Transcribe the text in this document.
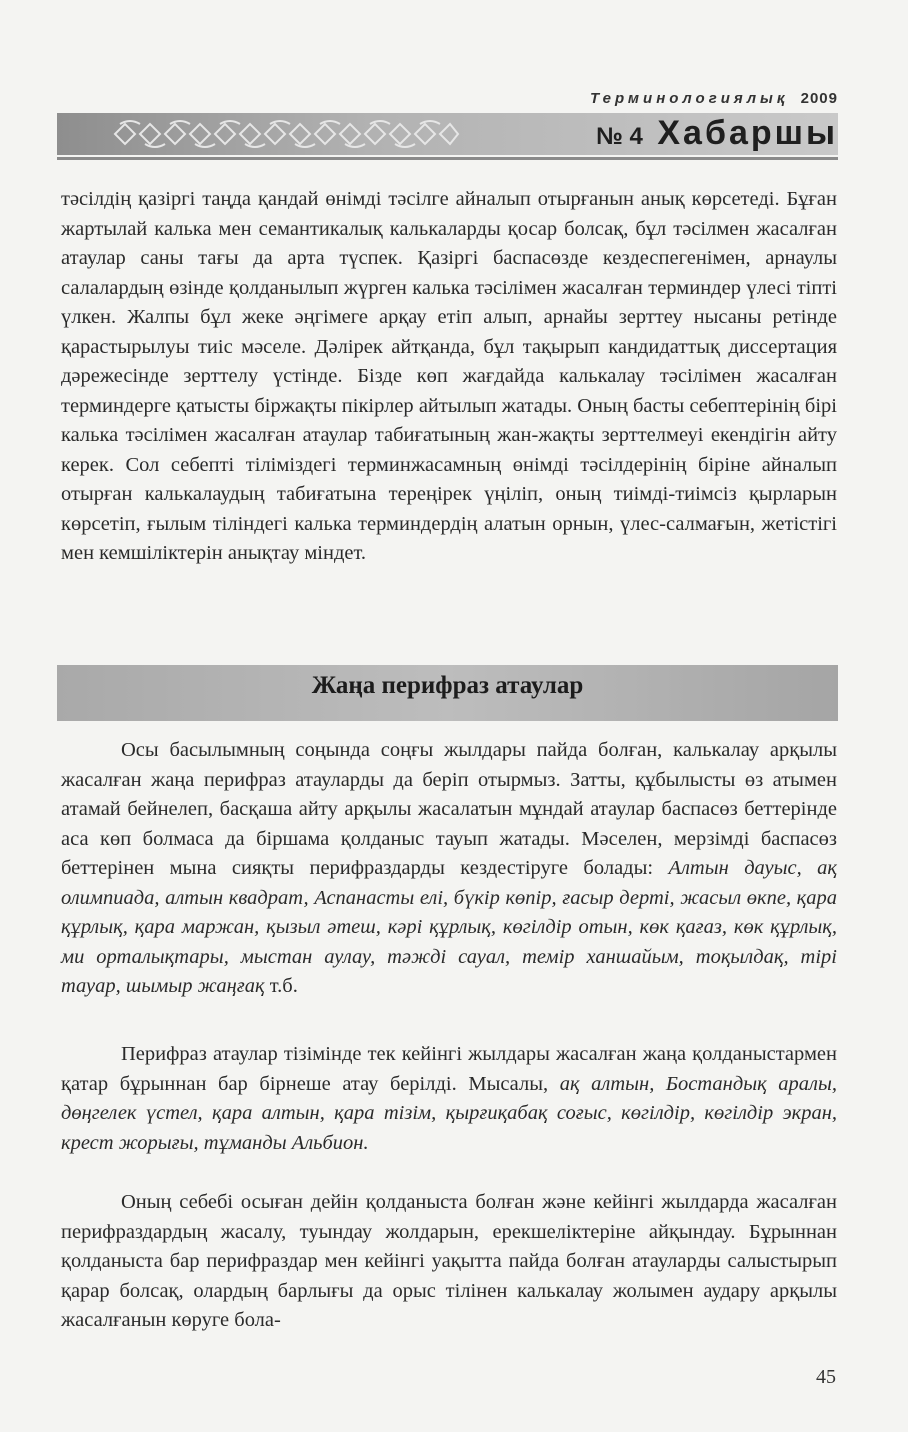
Терминологиялық 2009
№ 4 Хабаршы

тәсілдің қазіргі таңда қандай өнімді тәсілге айналып отырғанын анық көрсетеді. Бұған жартылай калька мен семантикалық калькаларды қосар болсақ, бұл тәсілмен жасалған атаулар саны тағы да арта түспек. Қазіргі баспасөзде кездеспегенімен, арнаулы салалардың өзінде қолданылып жүрген калька тәсілімен жасалған терминдер үлесі тіпті үлкен. Жалпы бұл жеке әңгімеге арқау етіп алып, арнайы зерттеу нысаны ретінде қарастырылуы тиіс мәселе. Дәлірек айтқанда, бұл тақырып кандидаттық диссертация дәрежесінде зерттелу үстінде. Бізде көп жағдайда калькалау тәсілімен жасалған терминдерге қатысты біржақты пікірлер айтылып жатады. Оның басты себептерінің бірі калька тәсілімен жасалған атаулар табиғатының жан-жақты зерттелмеуі екендігін айту керек. Сол себепті тіліміздегі терминжасамның өнімді тәсілдерінің біріне айналып отырған калькалаудың табиғатына тереңірек үңіліп, оның тиімді-тиімсіз қырларын көрсетіп, ғылым тіліндегі калька терминдердің алатын орнын, үлес-салмағын, жетістігі мен кемшіліктерін анықтау міндет.

Жаңа перифраз атаулар

Осы басылымның соңында соңғы жылдары пайда болған, калькалау арқылы жасалған жаңа перифраз атауларды да беріп отырмыз. Затты, құбылысты өз атымен атамай бейнелеп, басқаша айту арқылы жасалатын мұндай атаулар баспасөз беттерінде аса көп болмаса да біршама қолданыс тауып жатады. Мәселен, мерзімді баспасөз беттерінен мына сияқты перифраздарды кездестіруге болады: Алтын дауыс, ақ олимпиада, алтын квадрат, Аспанасты елі, бүкір көпір, ғасыр дерті, жасыл өкпе, қара құрлық, қара маржан, қызыл әтеш, кәрі құрлық, көгілдір отын, көк қағаз, көк құрлық, ми орталықтары, мыстан аулау, тәжді сауал, темір ханшайым, тоқылдақ, тірі тауар, шымыр жаңғақ т.б.

Перифраз атаулар тізімінде тек кейінгі жылдары жасалған жаңа қолданыстармен қатар бұрыннан бар бірнеше атау берілді. Мысалы, ақ алтын, Бостандық аралы, дөңгелек үстел, қара алтын, қара тізім, қырғиқабақ соғыс, көгілдір, көгілдір экран, крест жорығы, тұманды Альбион.

Оның себебі осыған дейін қолданыста болған және кейінгі жылдарда жасалған перифраздардың жасалу, туындау жолдарын, ерекшеліктеріне айқындау. Бұрыннан қолданыста бар перифраздар мен кейінгі уақытта пайда болған атауларды салыстырып қарар болсақ, олардың барлығы да орыс тілінен калькалау жолымен аудару арқылы жасалғанын көруге бола-

45
